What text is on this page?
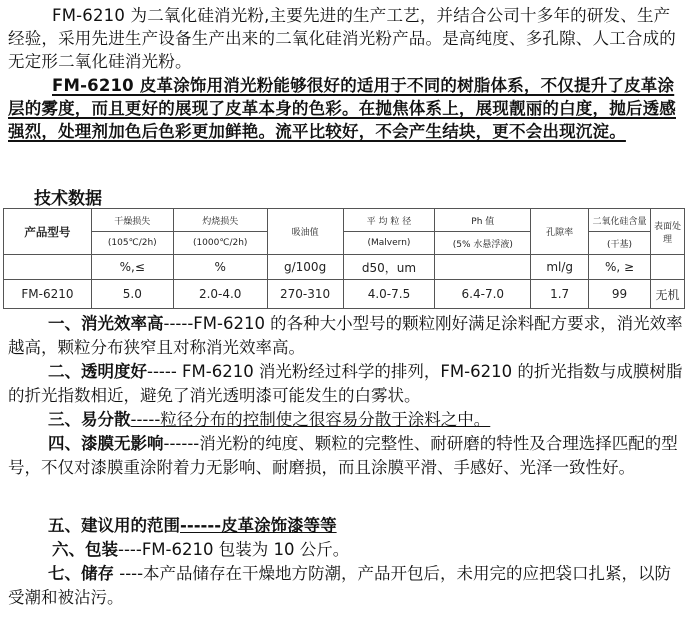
FM-6210 为二氧化硅消光粉,主要先进的生产工艺，并结合公司十多年的研发、生产经验，采用先进生产设备生产出来的二氧化硅消光粉产品。是高纯度、多孔隙、人工合成的无定形二氧化硅消光粉。
FM-6210 皮革涂饰用消光粉能够很好的适用于不同的树脂体系，不仅提升了皮革涂层的雾度，而且更好的展现了皮革本身的色彩。在抛焦体系上，展现靓丽的白度，抛后透感强烈，处理剂加色后色彩更加鲜艳。流平比较好，不会产生结块，更不会出现沉淀。
技术数据
产品型号	干燥损失	灼烧损失	吸油值	平 均 粒 径	Ph 值	孔隙率	二氧化硅含量	表面处理
	(105℃/2h)	(1000℃/2h)		(Malvern)	(5% 水悬浮液)		(干基)	
	%,≤	%	g/100g	d50，um		ml/g	%, ≥	
FM-6210	5.0	2.0-4.0	270-310	4.0-7.5	6.4-7.0	1.7	99	无机
一、消光效率高-----FM-6210 的各种大小型号的颗粒刚好满足涂料配方要求，消光效率越高，颗粒分布狭窄且对称消光效率高。
二、透明度好----- FM-6210 消光粉经过科学的排列，FM-6210 的折光指数与成膜树脂的折光指数相近，避免了消光透明漆可能发生的白雾状。
三、易分散-----粒径分布的控制使之很容易分散于涂料之中。
四、漆膜无影响------消光粉的纯度、颗粒的完整性、耐研磨的特性及合理选择匹配的型号，不仅对漆膜重涂附着力无影响、耐磨损，而且涂膜平滑、手感好、光泽一致性好。
五、建议用的范围------皮革涂饰漆等等
六、包装----FM-6210 包装为 10 公斤。
七、储存 ----本产品储存在干燥地方防潮，产品开包后，未用完的应把袋口扎紧，以防受潮和被沾污。
